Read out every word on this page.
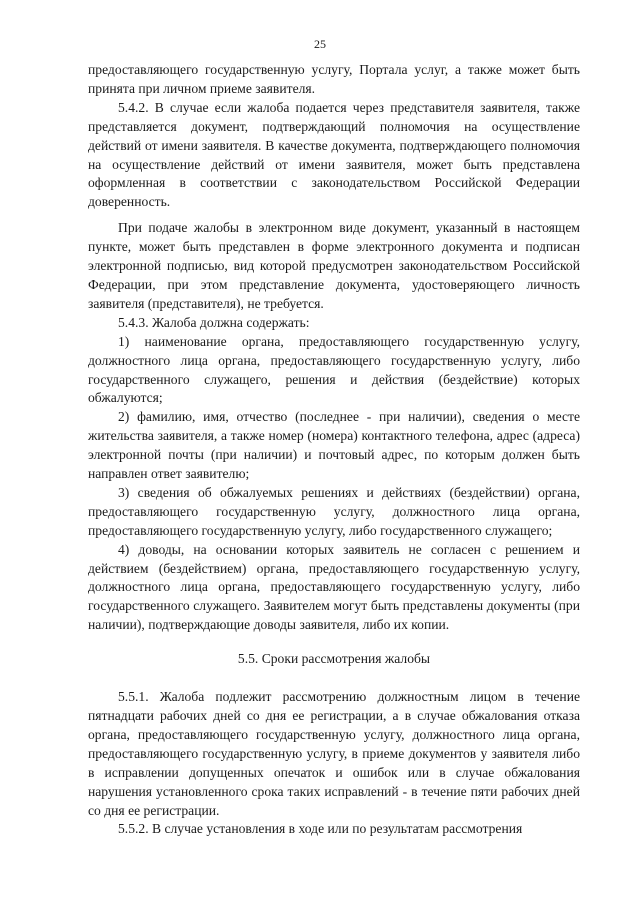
25

предоставляющего государственную услугу, Портала услуг, а также может быть принята при личном приеме заявителя.

5.4.2. В случае если жалоба подается через представителя заявителя, также представляется документ, подтверждающий полномочия на осуществление действий от имени заявителя. В качестве документа, подтверждающего полномочия на осуществление действий от имени заявителя, может быть представлена оформленная в соответствии с законодательством Российской Федерации доверенность.

При подаче жалобы в электронном виде документ, указанный в настоящем пункте, может быть представлен в форме электронного документа и подписан электронной подписью, вид которой предусмотрен законодательством Российской Федерации, при этом представление документа, удостоверяющего личность заявителя (представителя), не требуется.

5.4.3. Жалоба должна содержать:

1) наименование органа, предоставляющего государственную услугу, должностного лица органа, предоставляющего государственную услугу, либо государственного служащего, решения и действия (бездействие) которых обжалуются;

2) фамилию, имя, отчество (последнее - при наличии), сведения о месте жительства заявителя, а также номер (номера) контактного телефона, адрес (адреса) электронной почты (при наличии) и почтовый адрес, по которым должен быть направлен ответ заявителю;

3) сведения об обжалуемых решениях и действиях (бездействии) органа, предоставляющего государственную услугу, должностного лица органа, предоставляющего государственную услугу, либо государственного служащего;

4) доводы, на основании которых заявитель не согласен с решением и действием (бездействием) органа, предоставляющего государственную услугу, должностного лица органа, предоставляющего государственную услугу, либо государственного служащего. Заявителем могут быть представлены документы (при наличии), подтверждающие доводы заявителя, либо их копии.

5.5. Сроки рассмотрения жалобы

5.5.1. Жалоба подлежит рассмотрению должностным лицом в течение пятнадцати рабочих дней со дня ее регистрации, а в случае обжалования отказа органа, предоставляющего государственную услугу, должностного лица органа, предоставляющего государственную услугу, в приеме документов у заявителя либо в исправлении допущенных опечаток и ошибок или в случае обжалования нарушения установленного срока таких исправлений - в течение пяти рабочих дней со дня ее регистрации.

5.5.2. В случае установления в ходе или по результатам рассмотрения
